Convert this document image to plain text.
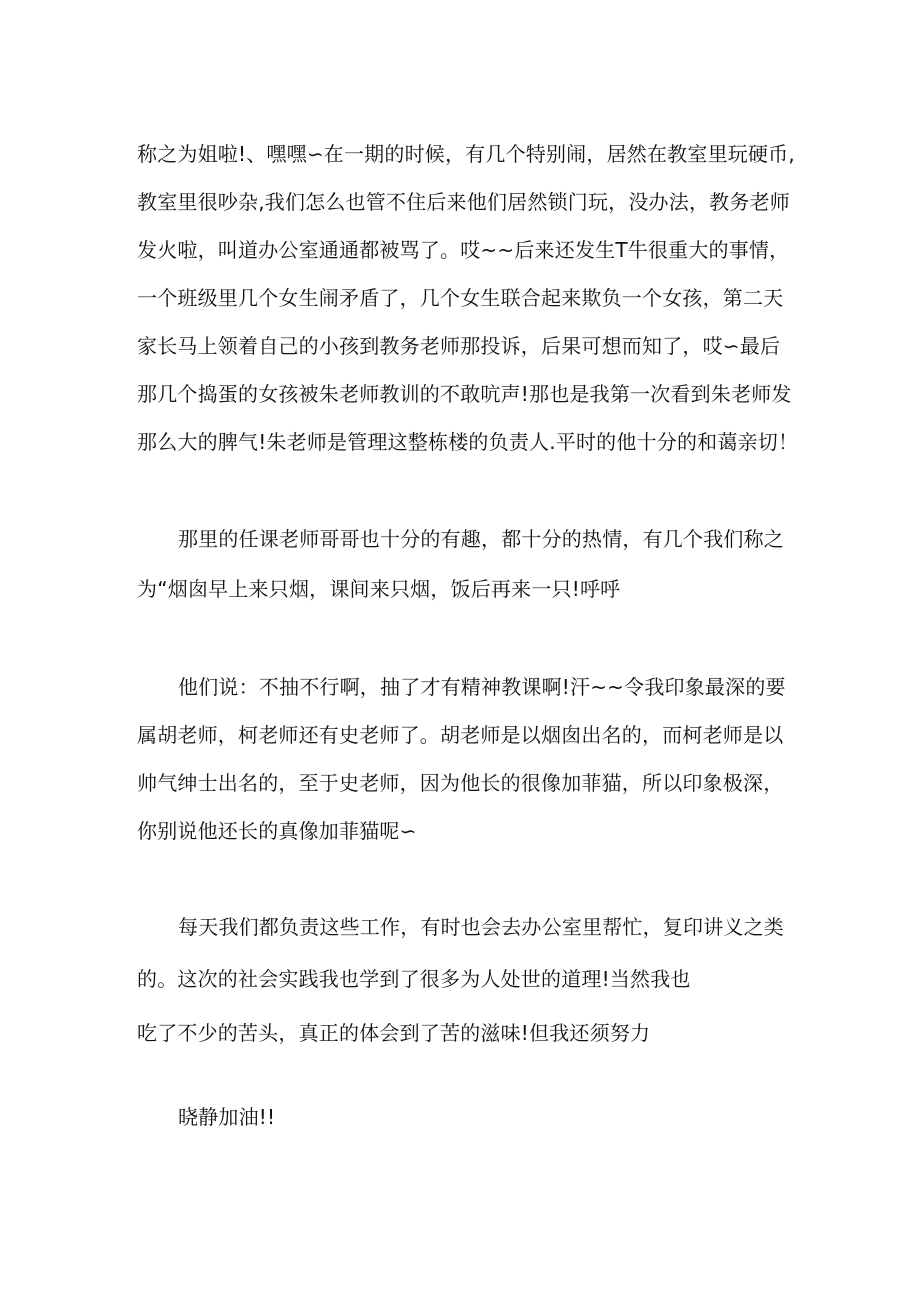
称之为姐啦!、嘿嘿∽在一期的时候，有几个特别闹，居然在教室里玩硬币,
教室里很吵杂,我们怎么也管不住后来他们居然锁门玩，没办法，教务老师
发火啦，叫道办公室通通都被骂了。哎~~后来还发生T牛很重大的事情，
一个班级里几个女生闹矛盾了，几个女生联合起来欺负一个女孩，第二天
家长马上领着自己的小孩到教务老师那投诉，后果可想而知了，哎∽最后
那几个捣蛋的女孩被朱老师教训的不敢吭声!那也是我第一次看到朱老师发
那么大的脾气!朱老师是管理这整栋楼的负责人.平时的他十分的和蔼亲切！
那里的任课老师哥哥也十分的有趣，都十分的热情，有几个我们称之
为“烟囱早上来只烟，课间来只烟，饭后再来一只!呼呼
他们说：不抽不行啊，抽了才有精神教课啊!汗~~令我印象最深的要
属胡老师，柯老师还有史老师了。胡老师是以烟囱出名的，而柯老师是以
帅气绅士出名的，至于史老师，因为他长的很像加菲猫，所以印象极深，
你别说他还长的真像加菲猫呢∽
每天我们都负责这些工作，有时也会去办公室里帮忙，复印讲义之类
的。这次的社会实践我也学到了很多为人处世的道理!当然我也
吃了不少的苦头，真正的体会到了苦的滋味!但我还须努力
晓静加油!!
